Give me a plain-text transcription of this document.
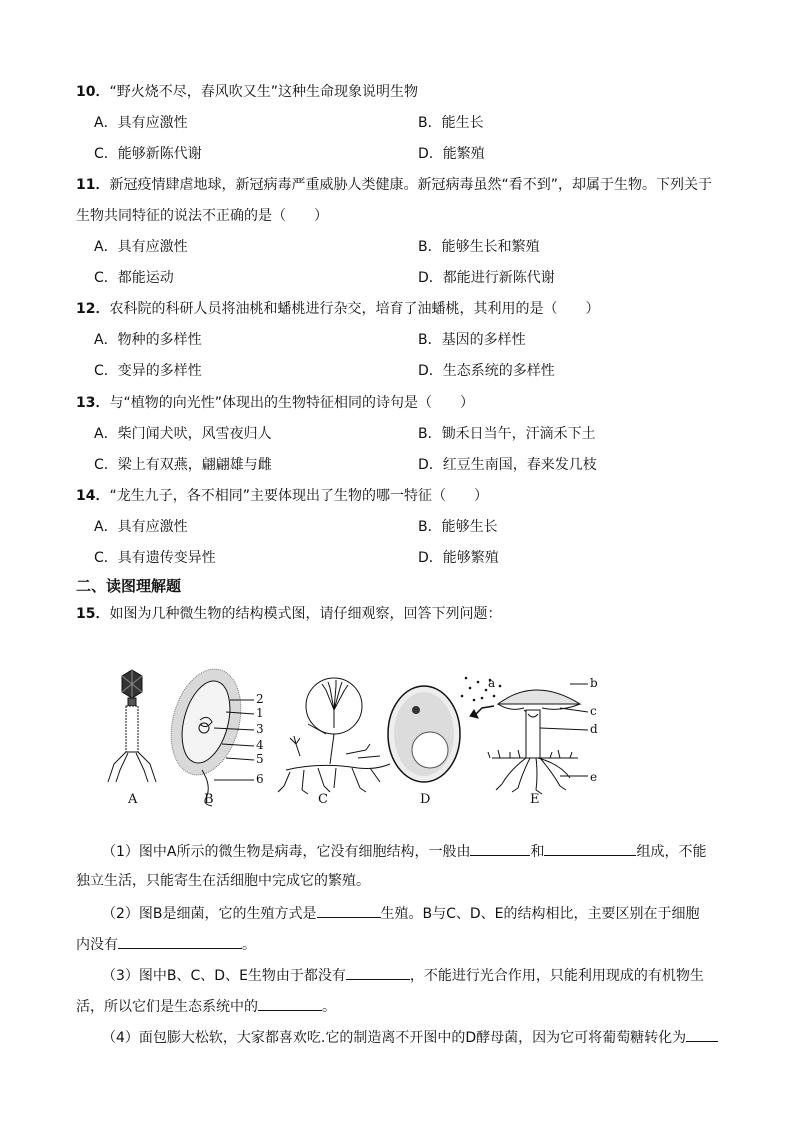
10．“野火烧不尽，春风吹又生”这种生命现象说明生物
A．具有应激性	B．能生长
C．能够新陈代谢	D．能繁殖
11．新冠疫情肆虐地球，新冠病毒严重威胁人类健康。新冠病毒虽然“看不到”，却属于生物。下列关于
生物共同特征的说法不正确的是（　　）
A．具有应激性	B．能够生长和繁殖
C．都能运动	D．都能进行新陈代谢
12．农科院的科研人员将油桃和蟠桃进行杂交，培育了油蟠桃，其利用的是（　　）
A．物种的多样性	B．基因的多样性
C．变异的多样性	D．生态系统的多样性
13．与“植物的向光性”体现出的生物特征相同的诗句是（　　）
A．柴门闻犬吠，风雪夜归人	B．锄禾日当午，汗滴禾下土
C．梁上有双燕，翩翩雄与雌	D．红豆生南国，春来发几枝
14．“龙生九子，各不相同”主要体现出了生物的哪一特征（　　）
A．具有应激性	B．能够生长
C．具有遗传变异性	D．能够繁殖
二、读图理解题
15．如图为几种微生物的结构模式图，请仔细观察，回答下列问题：
A	B	C	D	E
2
1
3
4
5
6
a	b
c
d
e
（1）图中A所示的微生物是病毒，它没有细胞结构，一般由	和	组成，不能
独立生活，只能寄生在活细胞中完成它的繁殖。
（2）图B是细菌，它的生殖方式是	生殖。B与C、D、E的结构相比，主要区别在于细胞
内没有	。
（3）图中B、C、D、E生物由于都没有	，不能进行光合作用，只能利用现成的有机物生
活，所以它们是生态系统中的	。
（4）面包膨大松软，大家都喜欢吃.它的制造离不开图中的D酵母菌，因为它可将葡萄糖转化为
